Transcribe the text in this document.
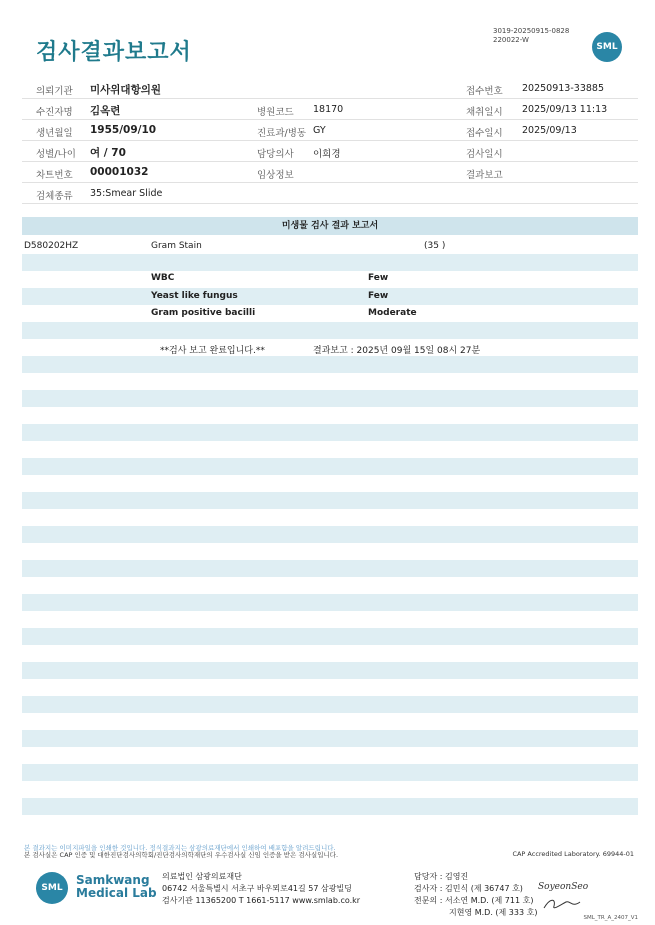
검사결과보고서
3019-20250915-0828
220022-W
SML
의뢰기관 미사위대항의원	접수번호 20250913-33885
수진자명 김옥련	병원코드 18170	채취일시 2025/09/13 11:13
생년월일 1955/09/10	진료과/병동 GY	접수일시 2025/09/13
성별/나이 여 / 70	담당의사 이희경	검사일시
차트번호 00001032	임상정보	결과보고
검체종류 35:Smear Slide
미생물 검사 결과 보고서
D580202HZ	Gram Stain	(35 )
WBC	Few
Yeast like fungus	Few
Gram positive bacilli	Moderate
**검사 보고 완료입니다.**	결과보고 : 2025년 09월 15일 08시 27분
본 결과지는 이미지파일을 인쇄한 것입니다. 정식결과지는 삼광의료재단에서 인쇄하여 배포함을 알려드립니다.
본 검사실은 CAP 인증 및 대한진단검사의학회/진단검사의학재단의 우수검사실 신임 인증을 받은 검사실입니다.	CAP Accredited Laboratory. 69944-01
SML
Samkwang
Medical Lab
의료법인 삼광의료재단
06742 서울특별시 서초구 바우뫼로41길 57 삼광빌딩
검사기관 11365200 T 1661-5117 www.smlab.co.kr
담당자 : 김영진
검사자 : 김민식 (제 36747 호)
전문의 : 서소연 M.D. (제 711 호)
지현영 M.D. (제 333 호)
SoyeonSeo
SML_TR_A_2407_V1
